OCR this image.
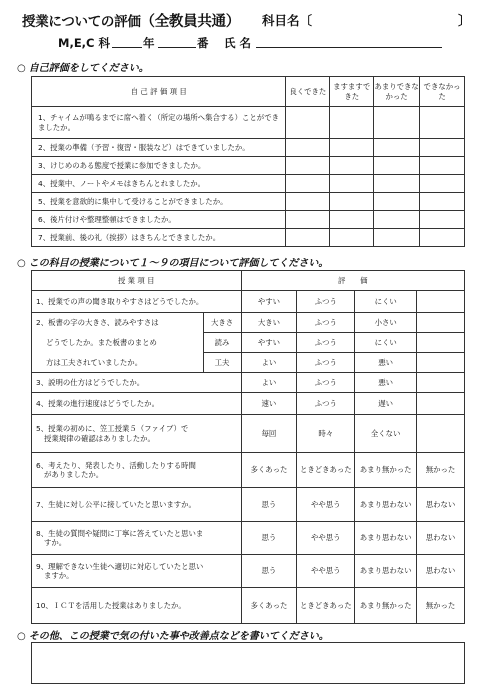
授業についての評価（全教員共通） 科目名〔	〕
M,E,C 科	年	番 氏 名
○ 自己評価をしてください。
自 己 評 価 項 目	良くできた	ますますできた	あまりできなかった	できなかった
1、チャイムが鳴るまでに席へ着く（所定の場所へ集合する）ことができましたか。				
2、授業の準備（予習・復習・服装など）はできていましたか。				
3、けじめのある態度で授業に参加できましたか。				
4、授業中、ノートやメモはきちんとれましたか。				
5、授業を意欲的に集中して受けることができましたか。				
6、後片付けや整理整頓はできましたか。				
7、授業前、後の礼（挨拶）はきちんとできましたか。				
○ この科目の授業について１～９の項目について評価してください。
授 業 項 目		評　　価			
1、授業での声の聞き取りやすさはどうでしたか。		やすい	ふつう	にくい	
2、板書の字の大きさ、読みやすさは	大きさ	大きい	ふつう	小さい	
どうでしたか。また板書のまとめ	読み	やすい	ふつう	にくい	
方は工夫されていましたか。	工夫	よい	ふつう	悪い	
3、説明の仕方はどうでしたか。		よい	ふつう	悪い	
4、授業の進行速度はどうでしたか。		速い	ふつう	遅い	
5、授業の初めに、笠工授業５（ファイブ）で
授業規律の確認はありましたか。		毎回	時々	全くない	
6、考えたり、発表したり、活動したりする時間
がありましたか。		多くあった	ときどきあった	あまり無かった	無かった
7、生徒に対し公平に接していたと思いますか。		思う	やや思う	あまり思わない	思わない
8、生徒の質問や疑問に丁寧に答えていたと思いま
すか。		思う	やや思う	あまり思わない	思わない
9、理解できない生徒へ適切に対応していたと思い
ますか。		思う	やや思う	あまり思わない	思わない
10、ＩＣＴを活用した授業はありましたか。		多くあった	ときどきあった	あまり無かった	無かった
○ その他、この授業で気の付いた事や改善点などを書いてください。
